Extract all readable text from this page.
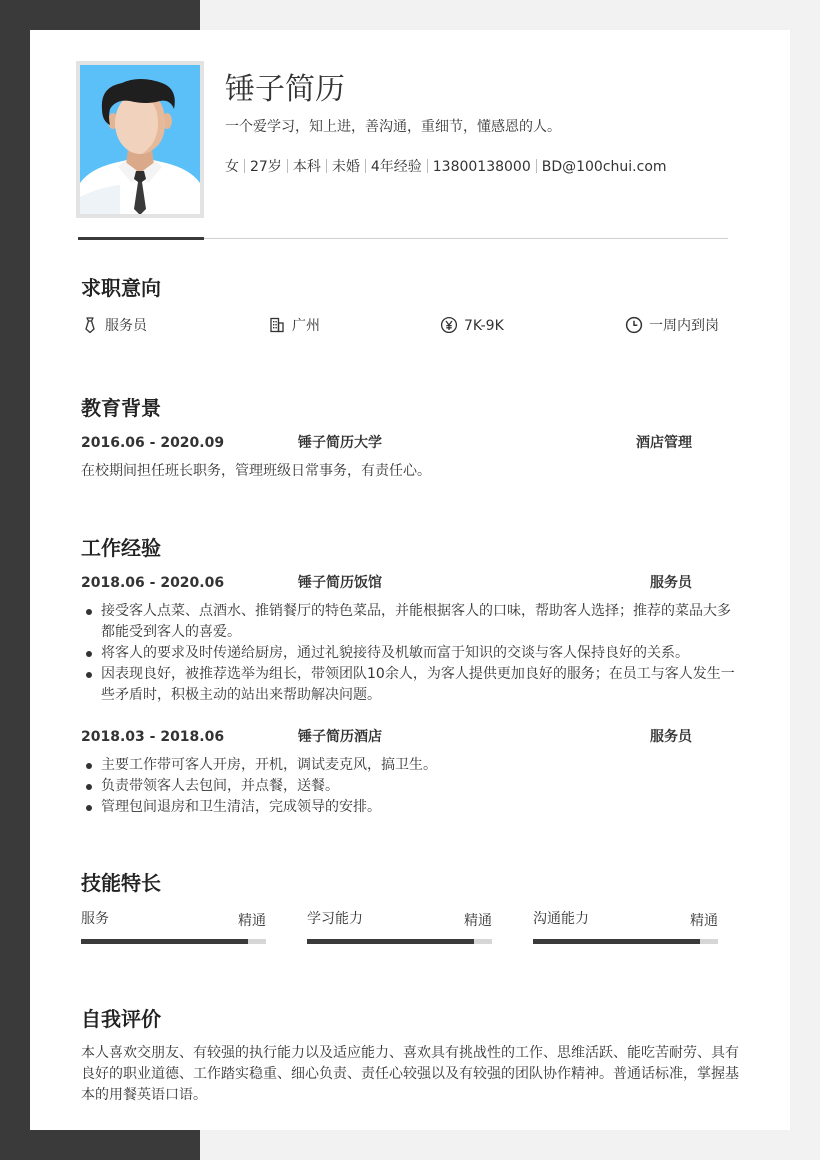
锤子简历
一个爱学习，知上进，善沟通，重细节，懂感恩的人。
女 27岁 本科 未婚 4年经验 13800138000 BD@100chui.com
求职意向
服务员	广州	7K-9K	一周内到岗
教育背景
2016.06 - 2020.09	锤子简历大学	酒店管理
在校期间担任班长职务，管理班级日常事务，有责任心。
工作经验
2018.06 - 2020.06	锤子简历饭馆	服务员
接受客人点菜、点酒水、推销餐厅的特色菜品，并能根据客人的口味，帮助客人选择；推荐的菜品大多都能受到客人的喜爱。
将客人的要求及时传递给厨房，通过礼貌接待及机敏而富于知识的交谈与客人保持良好的关系。
因表现良好，被推荐选举为组长，带领团队10余人，为客人提供更加良好的服务；在员工与客人发生一些矛盾时，积极主动的站出来帮助解决问题。
2018.03 - 2018.06	锤子简历酒店	服务员
主要工作带可客人开房，开机，调试麦克风，搞卫生。
负责带领客人去包间，并点餐，送餐。
管理包间退房和卫生清洁，完成领导的安排。
技能特长
服务	精通	学习能力	精通	沟通能力	精通
自我评价
本人喜欢交朋友、有较强的执行能力以及适应能力、喜欢具有挑战性的工作、思维活跃、能吃苦耐劳、具有良好的职业道德、工作踏实稳重、细心负责、责任心较强以及有较强的团队协作精神。普通话标准，掌握基本的用餐英语口语。
